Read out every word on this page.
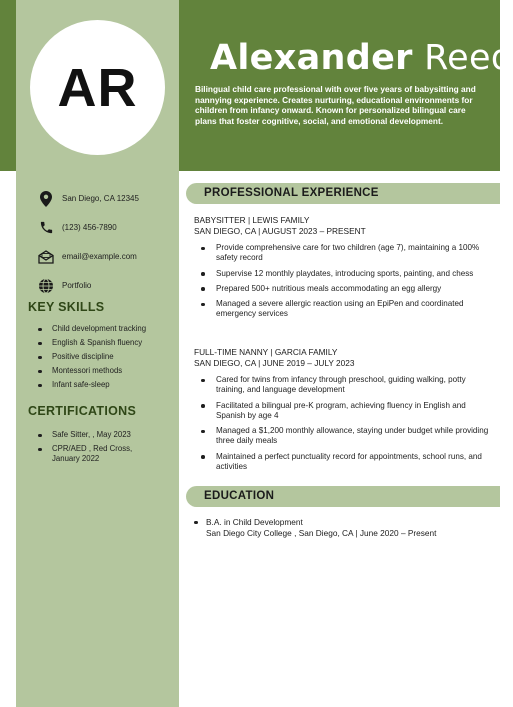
AR Alexander Reed
Bilingual child care professional with over five years of babysitting and nannying experience. Creates nurturing, educational environments for children from infancy onward. Known for personalized bilingual care plans that foster cognitive, social, and emotional development.
San Diego, CA 12345
(123) 456-7890
email@example.com
Portfolio
KEY SKILLS
Child development tracking
English & Spanish fluency
Positive discipline
Montessori methods
Infant safe-sleep
CERTIFICATIONS
Safe Sitter, , May 2023
CPR/AED , Red Cross, January 2022
PROFESSIONAL EXPERIENCE
BABYSITTER | LEWIS FAMILY
SAN DIEGO, CA | AUGUST 2023 – PRESENT
Provide comprehensive care for two children (age 7), maintaining a 100% safety record
Supervise 12 monthly playdates, introducing sports, painting, and chess
Prepared 500+ nutritious meals accommodating an egg allergy
Managed a severe allergic reaction using an EpiPen and coordinated emergency services
FULL-TIME NANNY | GARCIA FAMILY
SAN DIEGO, CA | JUNE 2019 – JULY 2023
Cared for twins from infancy through preschool, guiding walking, potty training, and language development
Facilitated a bilingual pre-K program, achieving fluency in English and Spanish by age 4
Managed a $1,200 monthly allowance, staying under budget while providing three daily meals
Maintained a perfect punctuality record for appointments, school runs, and activities
EDUCATION
B.A. in Child Development
San Diego City College , San Diego, CA | June 2020 – Present
